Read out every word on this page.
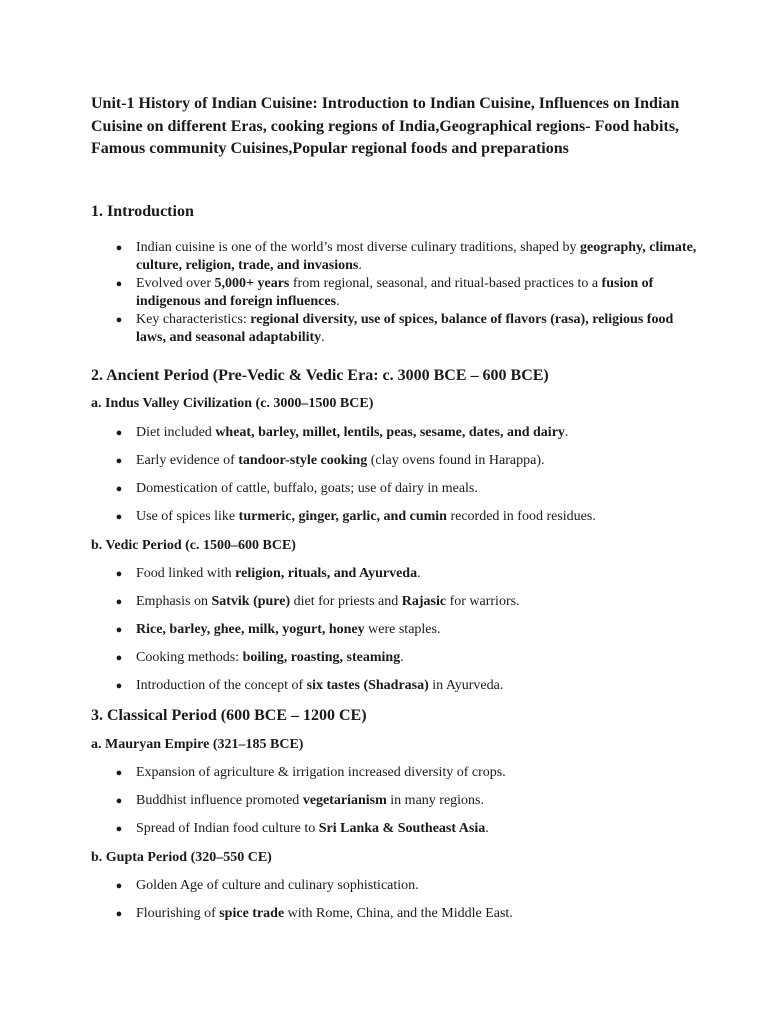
Unit-1 History of Indian Cuisine: Introduction to Indian Cuisine, Influences on Indian Cuisine on different Eras, cooking regions of India,Geographical regions- Food habits, Famous community Cuisines,Popular regional foods and preparations
1. Introduction
● Indian cuisine is one of the world’s most diverse culinary traditions, shaped by geography, climate, culture, religion, trade, and invasions.
● Evolved over 5,000+ years from regional, seasonal, and ritual-based practices to a fusion of indigenous and foreign influences.
● Key characteristics: regional diversity, use of spices, balance of flavors (rasa), religious food laws, and seasonal adaptability.
2. Ancient Period (Pre-Vedic & Vedic Era: c. 3000 BCE – 600 BCE)
a. Indus Valley Civilization (c. 3000–1500 BCE)
● Diet included wheat, barley, millet, lentils, peas, sesame, dates, and dairy.
● Early evidence of tandoor-style cooking (clay ovens found in Harappa).
● Domestication of cattle, buffalo, goats; use of dairy in meals.
● Use of spices like turmeric, ginger, garlic, and cumin recorded in food residues.
b. Vedic Period (c. 1500–600 BCE)
● Food linked with religion, rituals, and Ayurveda.
● Emphasis on Satvik (pure) diet for priests and Rajasic for warriors.
● Rice, barley, ghee, milk, yogurt, honey were staples.
● Cooking methods: boiling, roasting, steaming.
● Introduction of the concept of six tastes (Shadrasa) in Ayurveda.
3. Classical Period (600 BCE – 1200 CE)
a. Mauryan Empire (321–185 BCE)
● Expansion of agriculture & irrigation increased diversity of crops.
● Buddhist influence promoted vegetarianism in many regions.
● Spread of Indian food culture to Sri Lanka & Southeast Asia.
b. Gupta Period (320–550 CE)
● Golden Age of culture and culinary sophistication.
● Flourishing of spice trade with Rome, China, and the Middle East.
